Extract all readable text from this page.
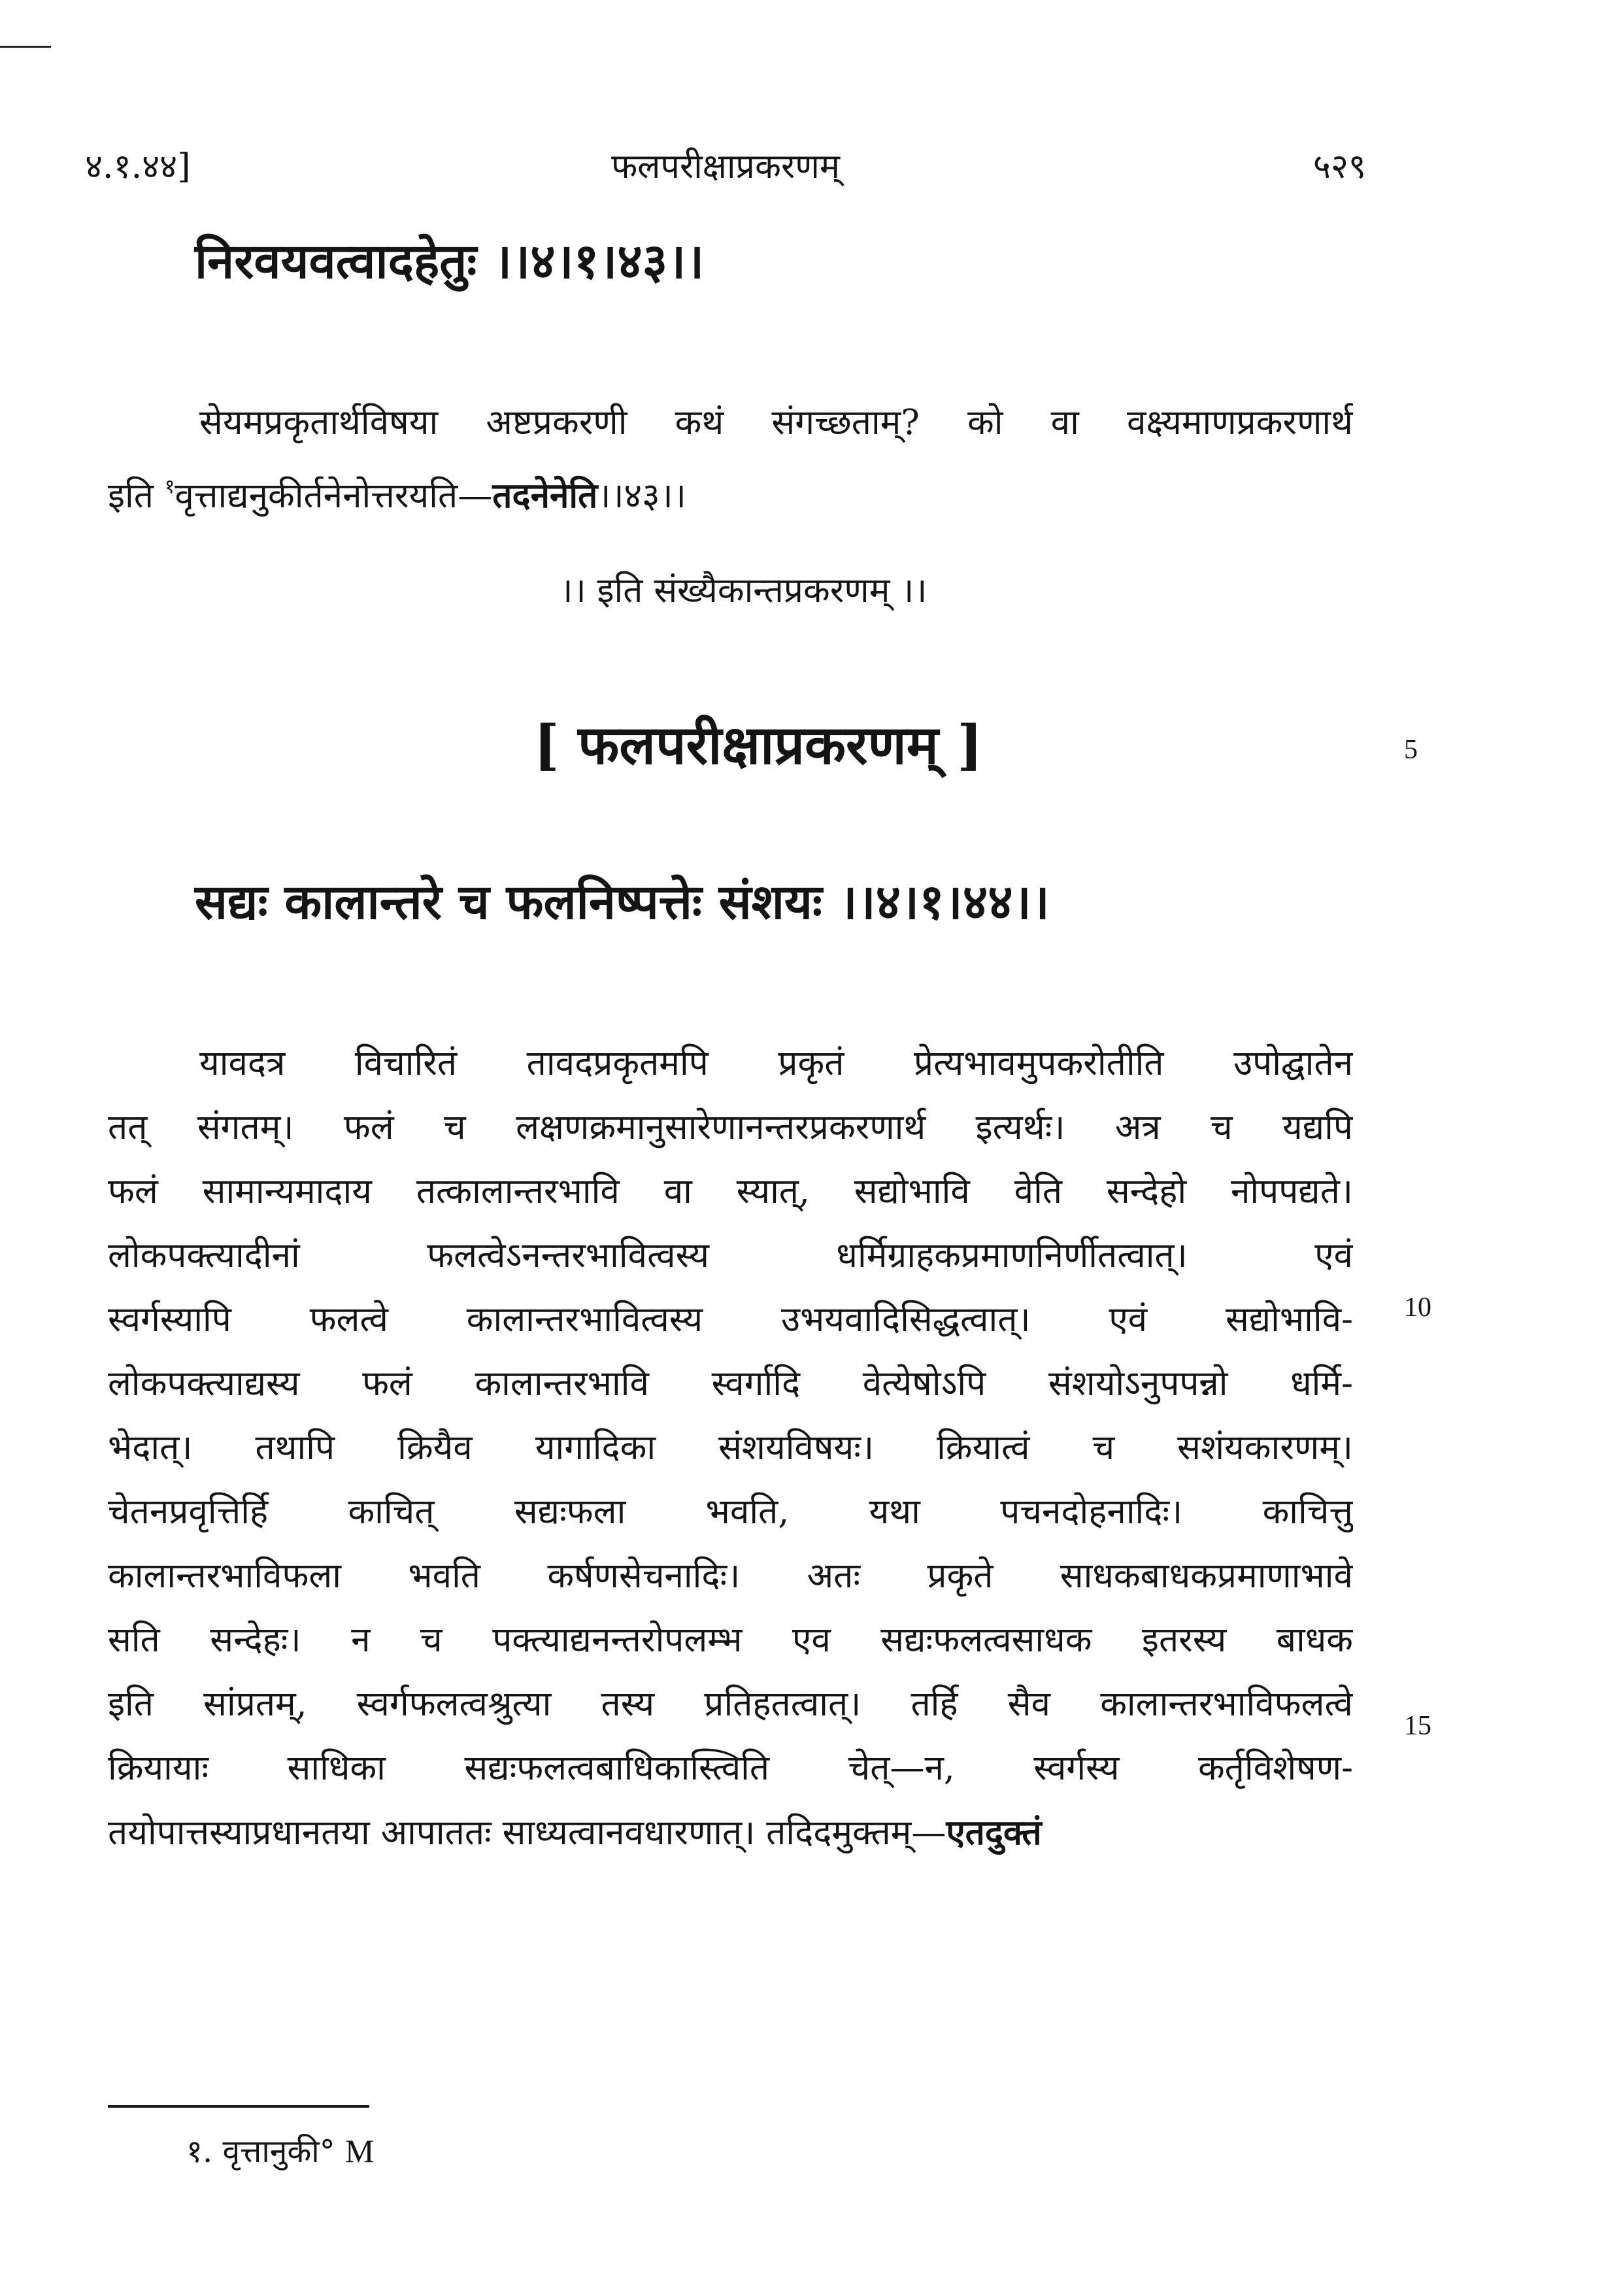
४.१.४४]	फलपरीक्षाप्रकरणम्	५२९
निरवयवत्वादहेतुः ।।४।१।४३।।
सेयमप्रकृतार्थविषया अष्टप्रकरणी कथं संगच्छताम्? को वा वक्ष्यमाणप्रकरणार्थ
इति $^१$वृत्ताद्यनुकीर्तनेनोत्तरयति—तदनेनेति।।४३।।
।। इति संख्यैकान्तप्रकरणम् ।।
[ फलपरीक्षाप्रकरणम् ]	5
सद्यः कालान्तरे च फलनिष्पत्तेः संशयः ।।४।१।४४।।
यावदत्र विचारितं तावदप्रकृतमपि प्रकृतं प्रेत्यभावमुपकरोतीति उपोद्घातेन
तत् संगतम्। फलं च लक्षणक्रमानुसारेणानन्तरप्रकरणार्थ इत्यर्थः। अत्र च यद्यपि
फलं सामान्यमादाय तत्कालान्तरभावि वा स्यात्, सद्योभावि वेति सन्देहो नोपपद्यते।
लोकपक्त्यादीनां फलत्वेऽनन्तरभावित्वस्य धर्मिग्राहकप्रमाणनिर्णीतत्वात्। एवं
स्वर्गस्यापि फलत्वे कालान्तरभावित्वस्य उभयवादिसिद्धत्वात्। एवं सद्योभावि-
लोकपक्त्याद्यस्य फलं कालान्तरभावि स्वर्गादि वेत्येषोऽपि संशयोऽनुपपन्नो धर्मि-
भेदात्। तथापि क्रियैव यागादिका संशयविषयः। क्रियात्वं च सशंयकारणम्।
चेतनप्रवृत्तिर्हि काचित् सद्यःफला भवति, यथा पचनदोहनादिः। काचित्तु
कालान्तरभाविफला भवति कर्षणसेचनादिः। अतः प्रकृते साधकबाधकप्रमाणाभावे
सति सन्देहः। न च पक्त्याद्यनन्तरोपलम्भ एव सद्यःफलत्वसाधक इतरस्य बाधक
इति सांप्रतम्, स्वर्गफलत्वश्रुत्या तस्य प्रतिहतत्वात्। तर्हि सैव कालान्तरभाविफलत्वे
क्रियायाः साधिका सद्यःफलत्वबाधिकास्त्विति चेत्—न, स्वर्गस्य कर्तृविशेषण-
तयोपात्तस्याप्रधानतया आपाततः साध्यत्वानवधारणात्। तदिदमुक्तम्—एतदुक्तं
10
15
१. वृत्तानुकी° M
